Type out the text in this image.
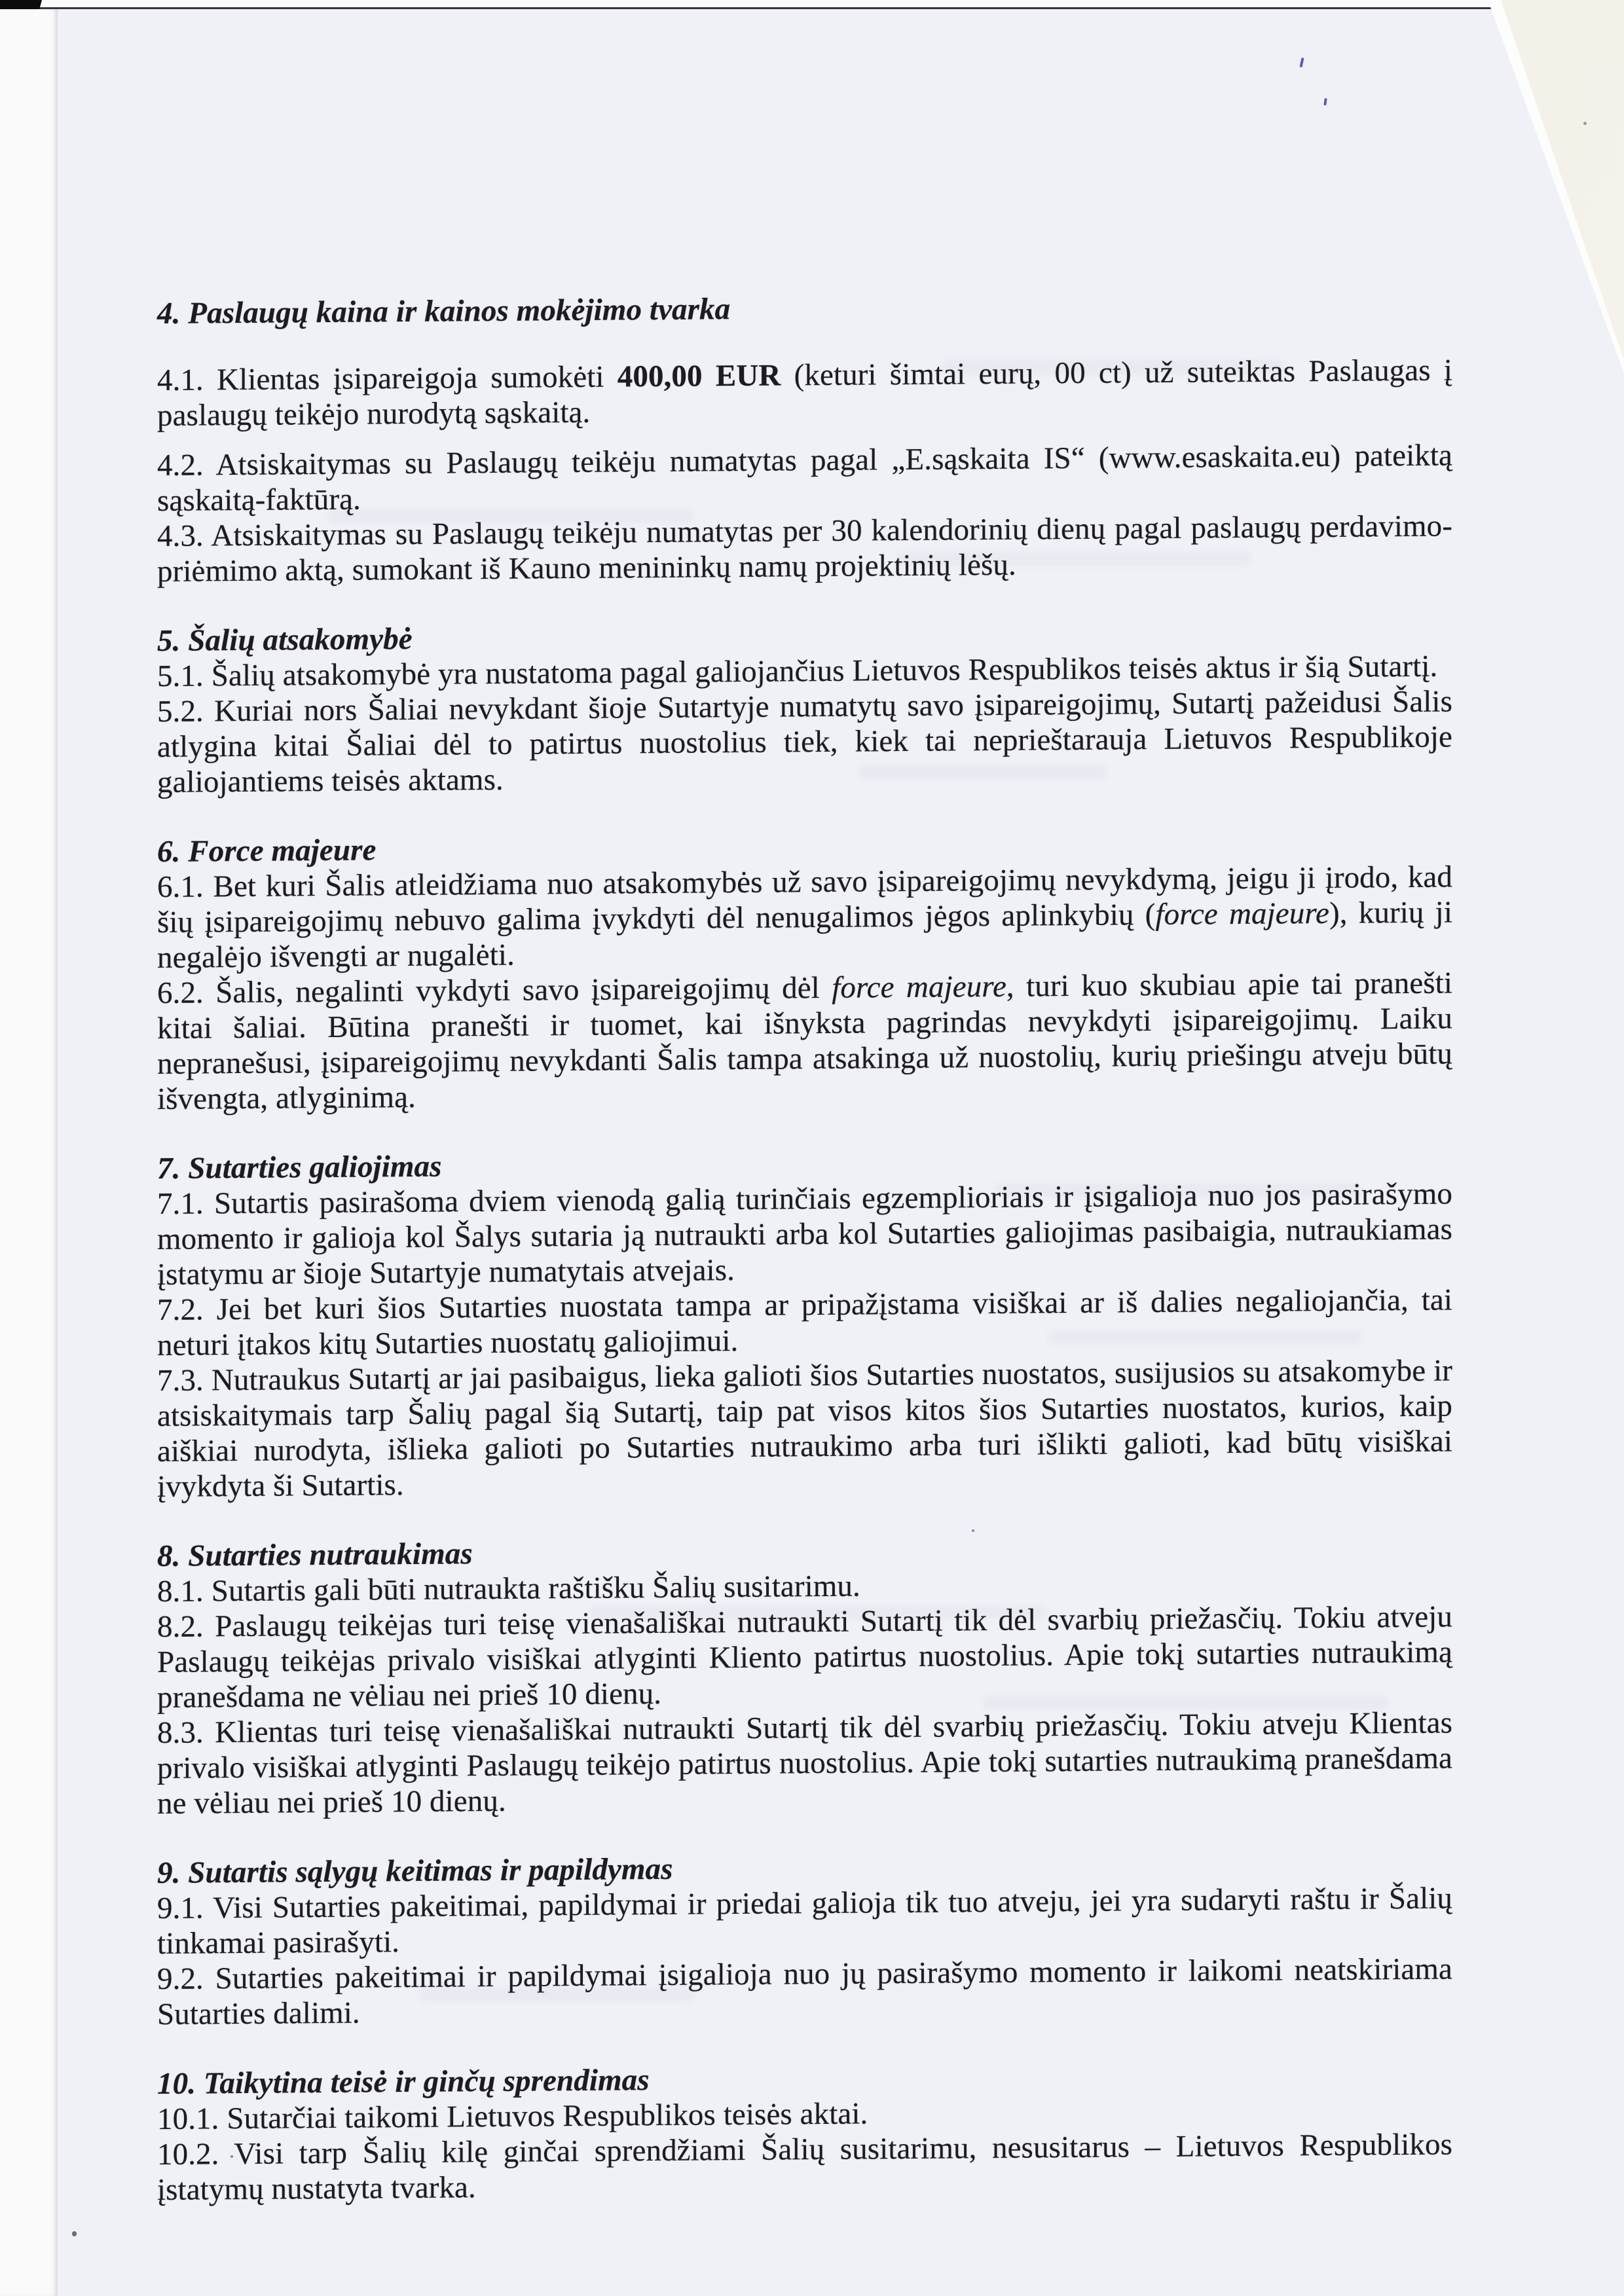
4. Paslaugų kaina ir kainos mokėjimo tvarka

4.1. Klientas įsipareigoja sumokėti 400,00 EUR (keturi šimtai eurų, 00 ct) už suteiktas Paslaugas į paslaugų teikėjo nurodytą sąskaitą.

4.2. Atsiskaitymas su Paslaugų teikėju numatytas pagal „E.sąskaita IS“ (www.esaskaita.eu) pateiktą sąskaitą-faktūrą.

4.3. Atsiskaitymas su Paslaugų teikėju numatytas per 30 kalendorinių dienų pagal paslaugų perdavimo-priėmimo aktą, sumokant iš Kauno menininkų namų projektinių lėšų.

5. Šalių atsakomybė

5.1. Šalių atsakomybė yra nustatoma pagal galiojančius Lietuvos Respublikos teisės aktus ir šią Sutartį.

5.2. Kuriai nors Šaliai nevykdant šioje Sutartyje numatytų savo įsipareigojimų, Sutartį pažeidusi Šalis atlygina kitai Šaliai dėl to patirtus nuostolius tiek, kiek tai neprieštarauja Lietuvos Respublikoje galiojantiems teisės aktams.

6. Force majeure

6.1. Bet kuri Šalis atleidžiama nuo atsakomybės už savo įsipareigojimų nevykdymą, jeigu ji įrodo, kad šių įsipareigojimų nebuvo galima įvykdyti dėl nenugalimos jėgos aplinkybių (force majeure), kurių ji negalėjo išvengti ar nugalėti.

6.2. Šalis, negalinti vykdyti savo įsipareigojimų dėl force majeure, turi kuo skubiau apie tai pranešti kitai šaliai. Būtina pranešti ir tuomet, kai išnyksta pagrindas nevykdyti įsipareigojimų. Laiku nepranešusi, įsipareigojimų nevykdanti Šalis tampa atsakinga už nuostolių, kurių priešingu atveju būtų išvengta, atlyginimą.

7. Sutarties galiojimas

7.1. Sutartis pasirašoma dviem vienodą galią turinčiais egzemplioriais ir įsigalioja nuo jos pasirašymo momento ir galioja kol Šalys sutaria ją nutraukti arba kol Sutarties galiojimas pasibaigia, nutraukiamas įstatymu ar šioje Sutartyje numatytais atvejais.

7.2. Jei bet kuri šios Sutarties nuostata tampa ar pripažįstama visiškai ar iš dalies negaliojančia, tai neturi įtakos kitų Sutarties nuostatų galiojimui.

7.3. Nutraukus Sutartį ar jai pasibaigus, lieka galioti šios Sutarties nuostatos, susijusios su atsakomybe ir atsiskaitymais tarp Šalių pagal šią Sutartį, taip pat visos kitos šios Sutarties nuostatos, kurios, kaip aiškiai nurodyta, išlieka galioti po Sutarties nutraukimo arba turi išlikti galioti, kad būtų visiškai įvykdyta ši Sutartis.

8. Sutarties nutraukimas

8.1. Sutartis gali būti nutraukta raštišku Šalių susitarimu.

8.2. Paslaugų teikėjas turi teisę vienašališkai nutraukti Sutartį tik dėl svarbių priežasčių. Tokiu atveju Paslaugų teikėjas privalo visiškai atlyginti Kliento patirtus nuostolius. Apie tokį sutarties nutraukimą pranešdama ne vėliau nei prieš 10 dienų.

8.3. Klientas turi teisę vienašališkai nutraukti Sutartį tik dėl svarbių priežasčių. Tokiu atveju Klientas privalo visiškai atlyginti Paslaugų teikėjo patirtus nuostolius. Apie tokį sutarties nutraukimą pranešdama ne vėliau nei prieš 10 dienų.

9. Sutartis sąlygų keitimas ir papildymas

9.1. Visi Sutarties pakeitimai, papildymai ir priedai galioja tik tuo atveju, jei yra sudaryti raštu ir Šalių tinkamai pasirašyti.

9.2. Sutarties pakeitimai ir papildymai įsigalioja nuo jų pasirašymo momento ir laikomi neatskiriama Sutarties dalimi.

10. Taikytina teisė ir ginčų sprendimas

10.1. Sutarčiai taikomi Lietuvos Respublikos teisės aktai.

10.2. Visi tarp Šalių kilę ginčai sprendžiami Šalių susitarimu, nesusitarus – Lietuvos Respublikos įstatymų nustatyta tvarka.
